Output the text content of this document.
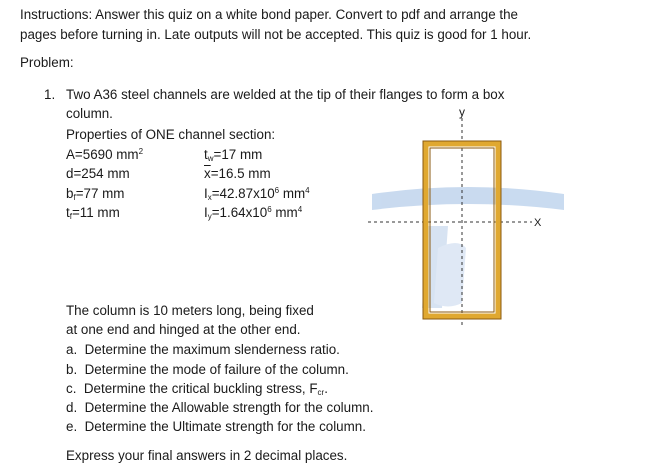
Instructions: Answer this quiz on a white bond paper. Convert to pdf and arrange the
pages before turning in. Late outputs will not be accepted. This quiz is good for 1 hour.
Problem:
1. Two A36 steel channels are welded at the tip of their flanges to form a box
column.
Properties of ONE channel section:
A=5690 $mm^2$
d=254 mm
$b_f=77$ mm
$t_f=11$ mm
$t_w=17$ mm
$\overline{x}=16.5$ mm
$I_x=42.87x10^6$ $mm^4$
$I_y=1.64x10^6$ $mm^4$
y
X
The column is 10 meters long, being fixed
at one end and hinged at the other end.
a. Determine the maximum slenderness ratio.
b. Determine the mode of failure of the column.
c. Determine the critical buckling stress, $F_{cr}$.
d. Determine the Allowable strength for the column.
e. Determine the Ultimate strength for the column.
Express your final answers in 2 decimal places.
